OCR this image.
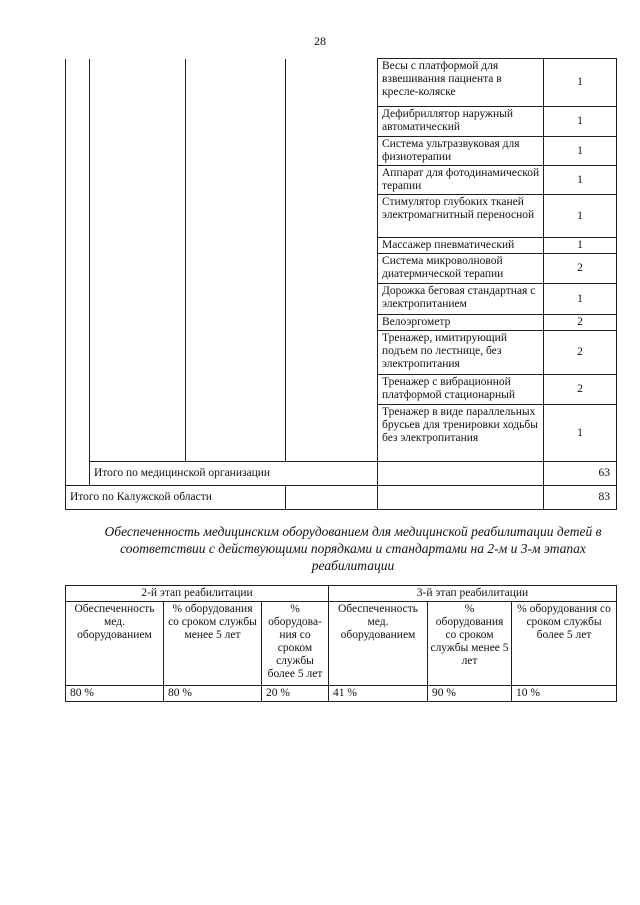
28
				Весы с платформой для взвешивания пациента в кресле-коляске	1
				Дефибриллятор наружный автоматический	1
				Система ультразвуковая для физиотерапии	1
				Аппарат для фотодинамической терапии	1
				Стимулятор глубоких тканей электромагнитный переносной	1
				Массажер пневматический	1
				Система микроволновой диатермической терапии	2
				Дорожка беговая стандартная с электропитанием	1
				Велоэргометр	2
				Тренажер, имитирующий подъем по лестнице, без электропитания	2
				Тренажер с вибрационной платформой стационарный	2
				Тренажер в виде параллельных брусьев для тренировки ходьбы без электропитания	1
	Итого по медицинской организации				63
Итого по Калужской области					83
Обеспеченность медицинским оборудованием для медицинской реабилитации детей в соответствии с действующими порядками и стандартами на 2-м и 3-м этапах реабилитации
2-й этап реабилитации			3-й этап реабилитации		
Обеспеченность мед. оборудованием	% оборудования со сроком службы менее 5 лет	% оборудова-ния со сроком службы более 5 лет	Обеспеченность мед. оборудованием	% оборудования со сроком службы менее 5 лет	% оборудования со сроком службы более 5 лет
80 %	80 %	20 %	41 %	90 %	10 %
